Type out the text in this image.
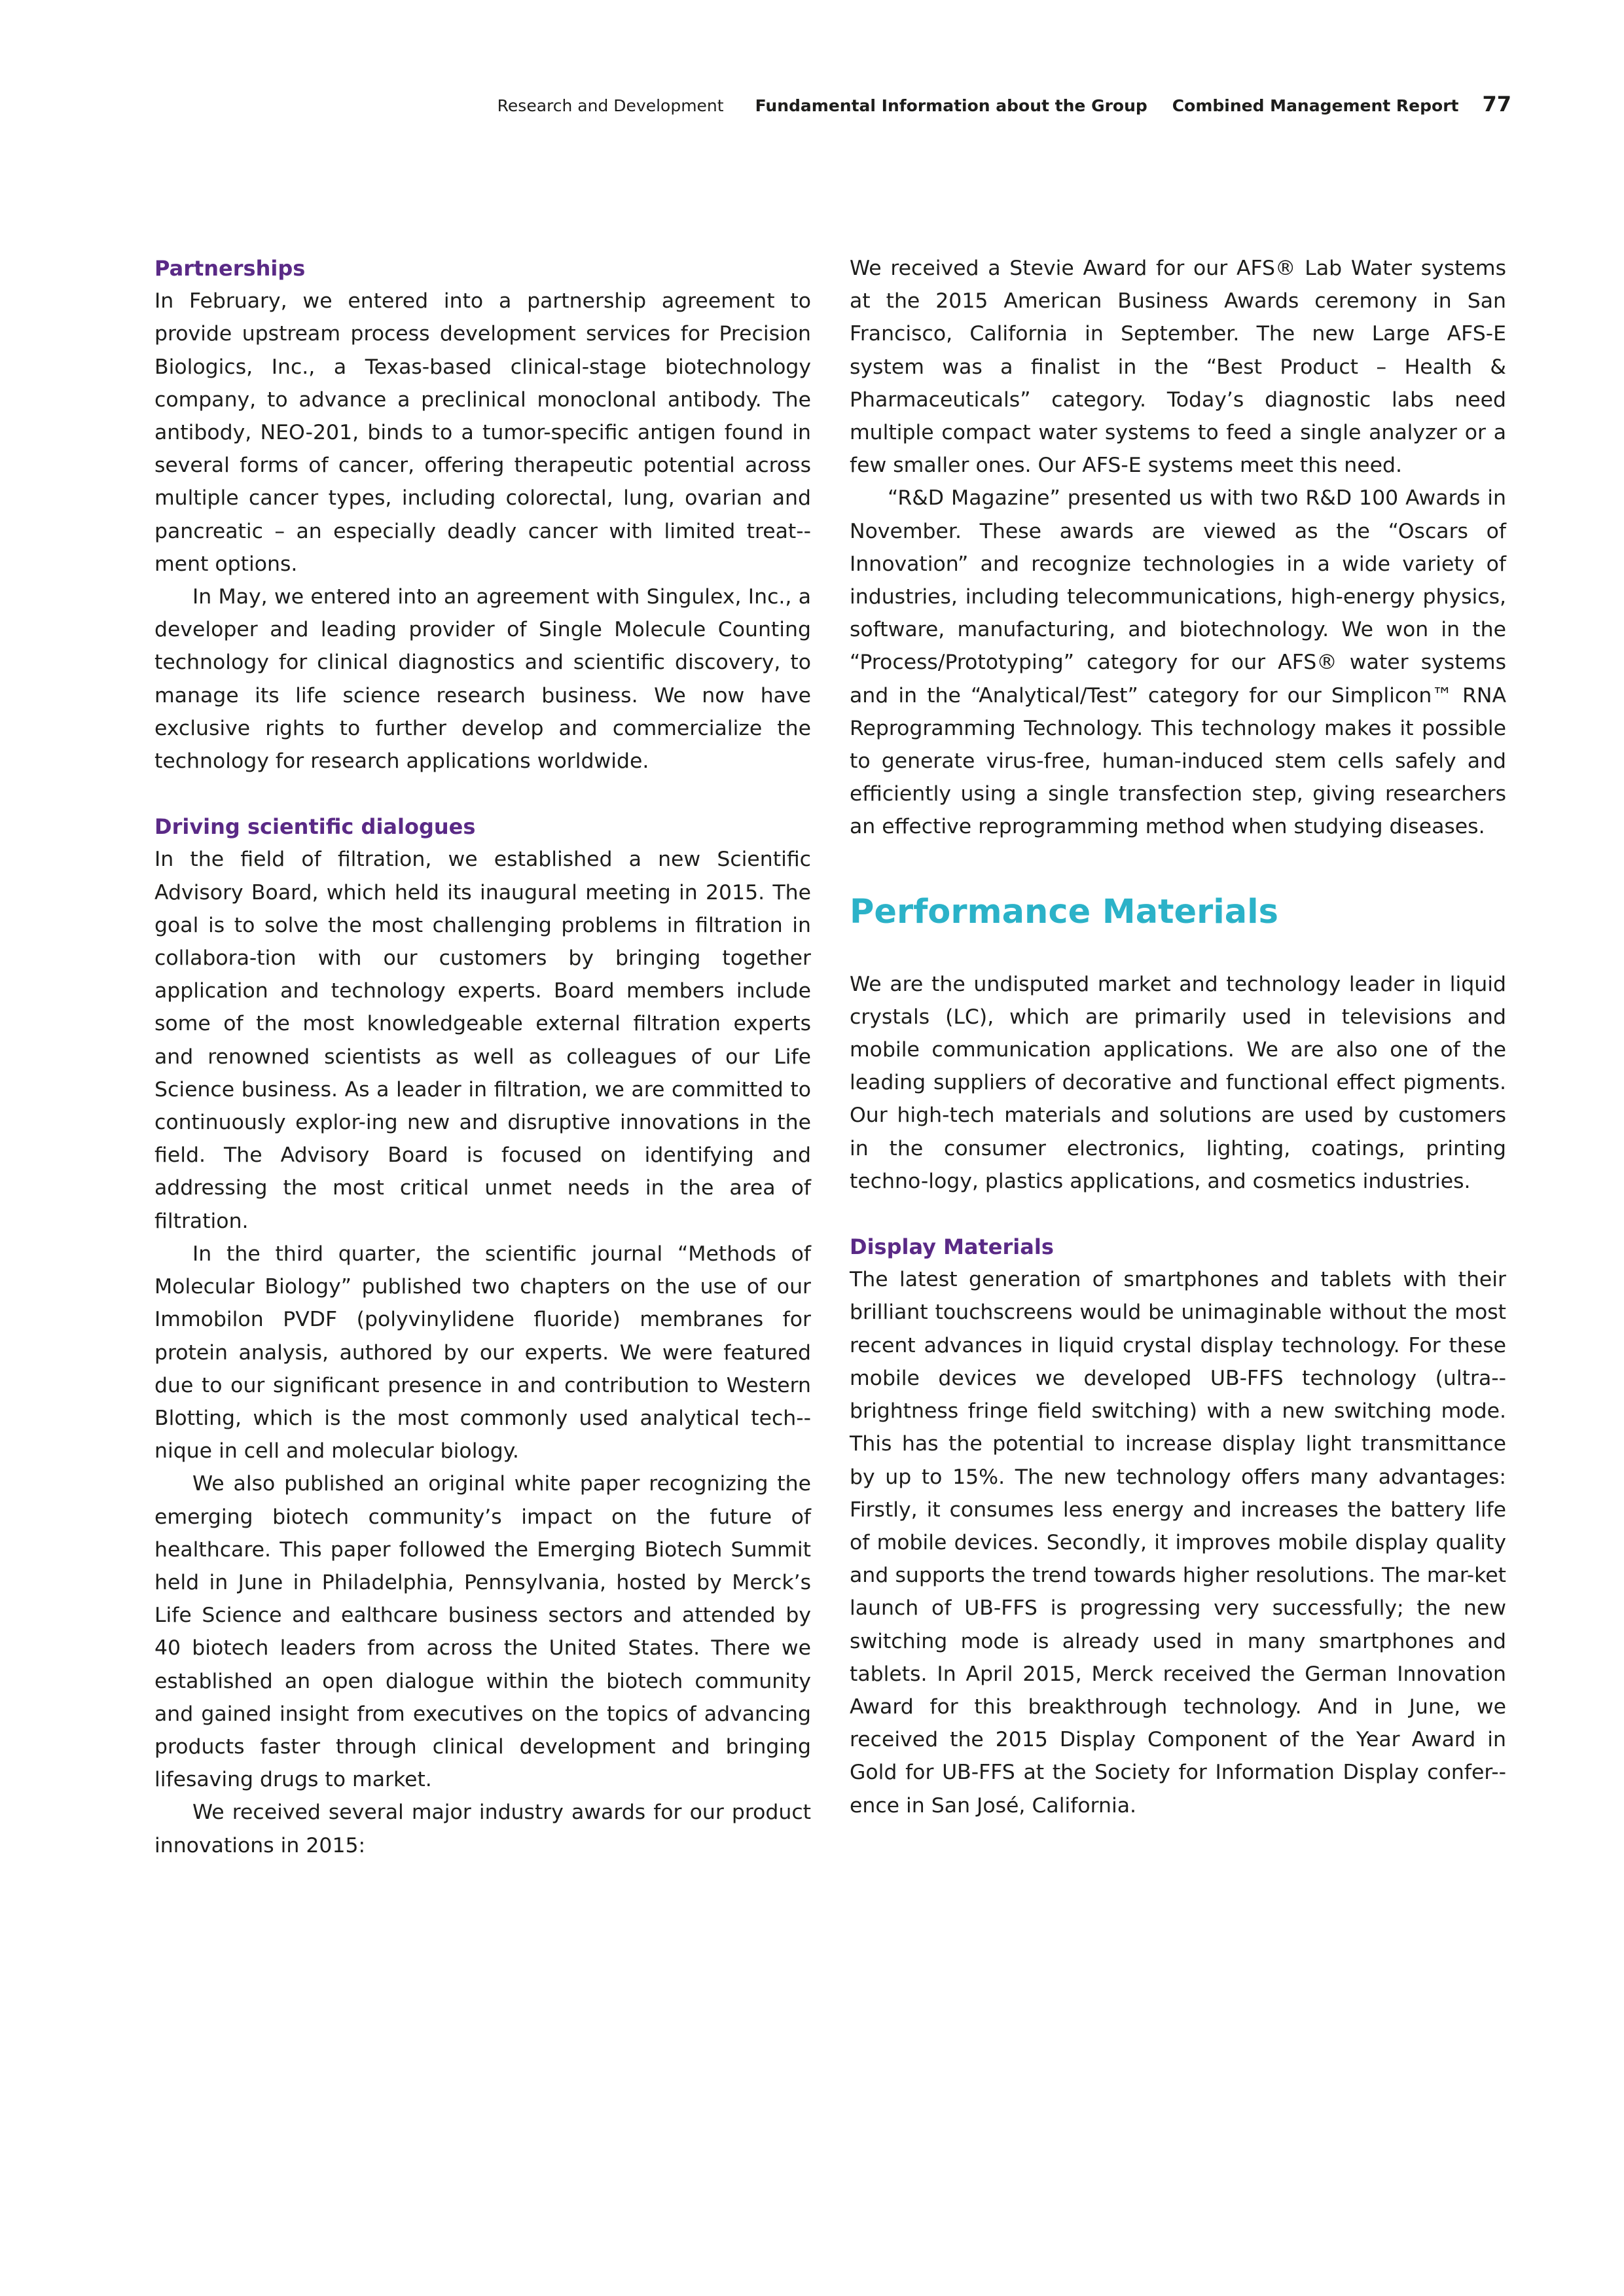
Research and Development Fundamental Information about the Group Combined Management Report 77
Partnerships

In February, we entered into a partnership agreement to provide upstream process development services for Precision Biologics, Inc., a Texas-based clinical-stage biotechnology company, to advance a preclinical monoclonal antibody. The antibody, NEO-201, binds to a tumor-specific antigen found in several forms of cancer, offering therapeutic potential across multiple cancer types, including colorectal, lung, ovarian and pancreatic – an especially deadly cancer with limited treat-ment options.

In May, we entered into an agreement with Singulex, Inc., a developer and leading provider of Single Molecule Counting technology for clinical diagnostics and scientific discovery, to manage its life science research business. We now have exclusive rights to further develop and commercialize the technology for research applications worldwide.

Driving scientific dialogues

In the field of filtration, we established a new Scientific Advisory Board, which held its inaugural meeting in 2015. The goal is to solve the most challenging problems in filtration in collabora-tion with our customers by bringing together application and technology experts. Board members include some of the most knowledgeable external filtration experts and renowned scientists as well as colleagues of our Life Science business. As a leader in filtration, we are committed to continuously explor-ing new and disruptive innovations in the field. The Advisory Board is focused on identifying and addressing the most critical unmet needs in the area of filtration.

In the third quarter, the scientific journal “Methods of Molecular Biology” published two chapters on the use of our Immobilon PVDF (polyvinylidene fluoride) membranes for protein analysis, authored by our experts. We were featured due to our significant presence in and contribution to Western Blotting, which is the most commonly used analytical tech-nique in cell and molecular biology.

We also published an original white paper recognizing the emerging biotech community’s impact on the future of healthcare. This paper followed the Emerging Biotech Summit held in June in Philadelphia, Pennsylvania, hosted by Merck’s Life Science and ealthcare business sectors and attended by 40 biotech leaders from across the United States. There we established an open dialogue within the biotech community and gained insight from executives on the topics of advancing products faster through clinical development and bringing lifesaving drugs to market.

We received several major industry awards for our product innovations in 2015:

We received a Stevie Award for our AFS® Lab Water systems at the 2015 American Business Awards ceremony in San Francisco, California in September. The new Large AFS-E system was a finalist in the “Best Product – Health & Pharmaceuticals” category. Today’s diagnostic labs need multiple compact water systems to feed a single analyzer or a few smaller ones. Our AFS-E systems meet this need.

“R&D Magazine” presented us with two R&D 100 Awards in November. These awards are viewed as the “Oscars of Innovation” and recognize technologies in a wide variety of industries, including telecommunications, high-energy physics, software, manufacturing, and biotechnology. We won in the “Process/Prototyping” category for our AFS® water systems and in the “Analytical/Test” category for our Simplicon™ RNA Reprogramming Technology. This technology makes it possible to generate virus-free, human-induced stem cells safely and efficiently using a single transfection step, giving researchers an effective reprogramming method when studying diseases.

Performance Materials

We are the undisputed market and technology leader in liquid crystals (LC), which are primarily used in televisions and mobile communication applications. We are also one of the leading suppliers of decorative and functional effect pigments. Our high-tech materials and solutions are used by customers in the consumer electronics, lighting, coatings, printing techno-logy, plastics applications, and cosmetics industries.

Display Materials

The latest generation of smartphones and tablets with their brilliant touchscreens would be unimaginable without the most recent advances in liquid crystal display technology. For these mobile devices we developed UB-FFS technology (ultra-brightness fringe field switching) with a new switching mode. This has the potential to increase display light transmittance by up to 15%. The new technology offers many advantages: Firstly, it consumes less energy and increases the battery life of mobile devices. Secondly, it improves mobile display quality and supports the trend towards higher resolutions. The mar-ket launch of UB-FFS is progressing very successfully; the new switching mode is already used in many smartphones and tablets. In April 2015, Merck received the German Innovation Award for this breakthrough technology. And in June, we received the 2015 Display Component of the Year Award in Gold for UB-FFS at the Society for Information Display confer-ence in San José, California.
